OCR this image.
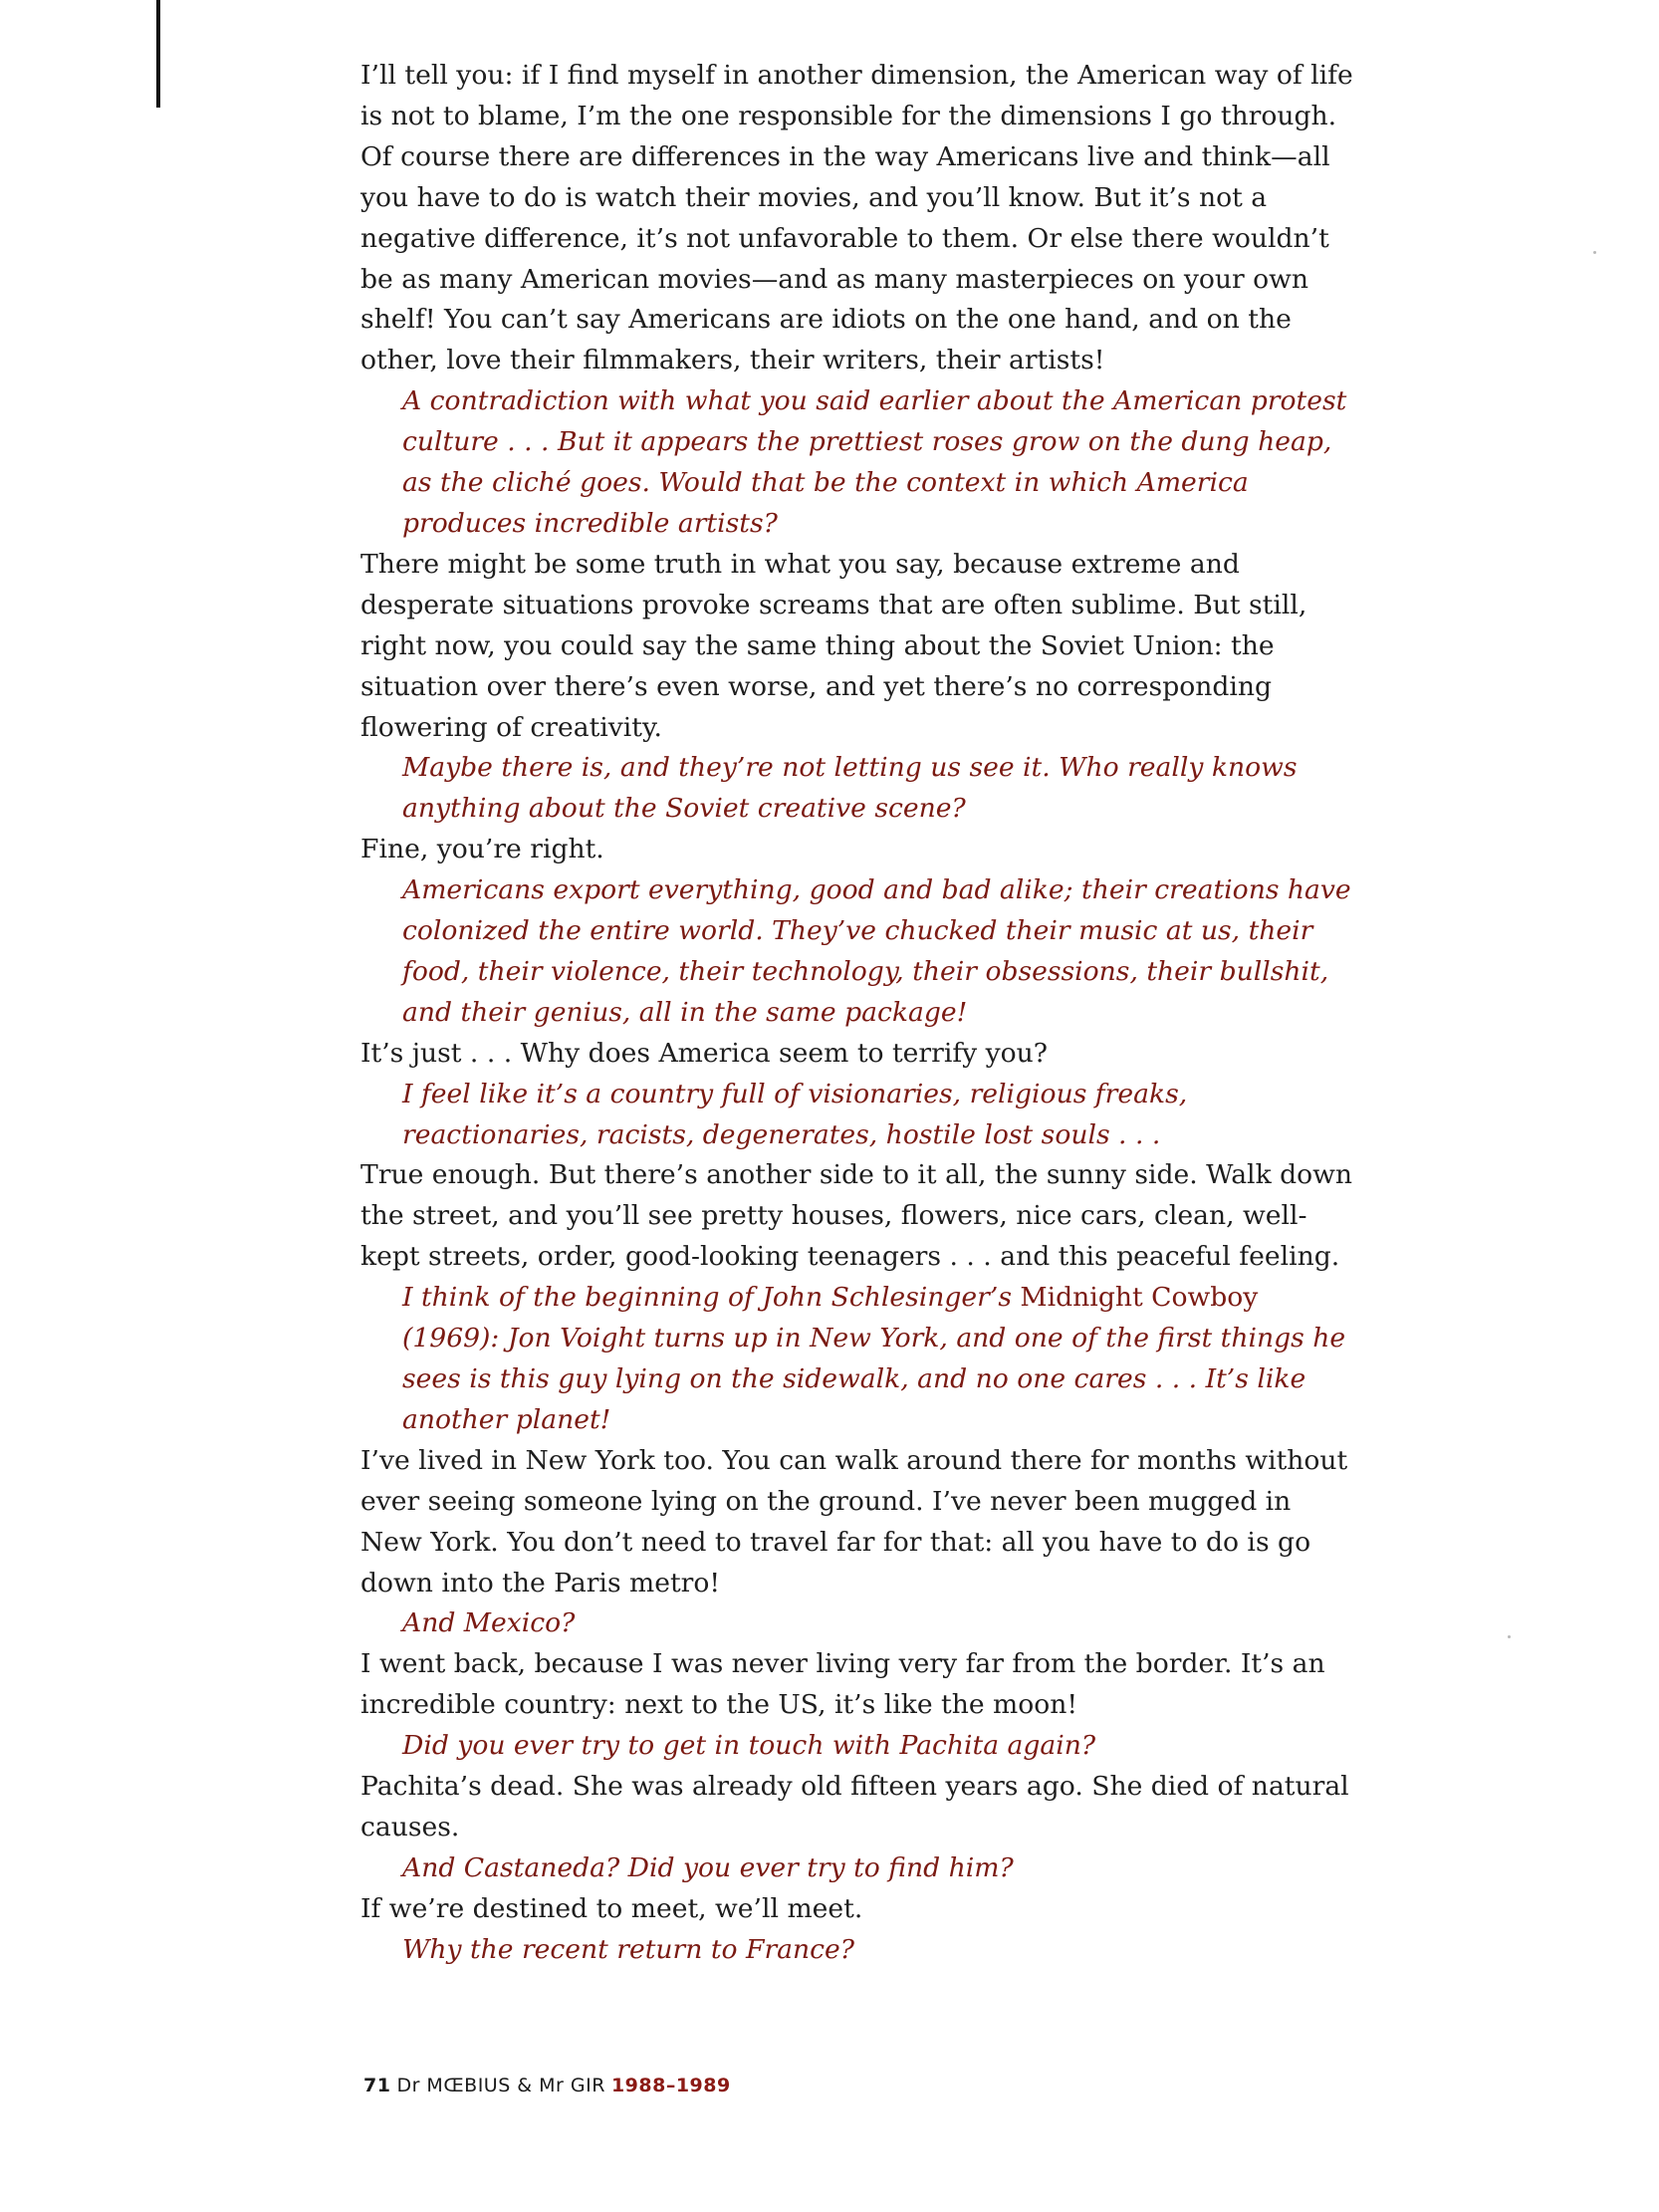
I’ll tell you: if I find myself in another dimension, the American way of life is not to blame, I’m the one responsible for the dimensions I go through. Of course there are differences in the way Americans live and think—all you have to do is watch their movies, and you’ll know. But it’s not a negative difference, it’s not unfavorable to them. Or else there wouldn’t be as many American movies—and as many masterpieces on your own shelf! You can’t say Americans are idiots on the one hand, and on the other, love their filmmakers, their writers, their artists!

A contradiction with what you said earlier about the American protest culture . . . But it appears the prettiest roses grow on the dung heap, as the cliché goes. Would that be the context in which America produces incredible artists?

There might be some truth in what you say, because extreme and desperate situations provoke screams that are often sublime. But still, right now, you could say the same thing about the Soviet Union: the situation over there’s even worse, and yet there’s no corresponding flowering of creativity.

Maybe there is, and they’re not letting us see it. Who really knows anything about the Soviet creative scene?

Fine, you’re right.

Americans export everything, good and bad alike; their creations have colonized the entire world. They’ve chucked their music at us, their food, their violence, their technology, their obsessions, their bullshit, and their genius, all in the same package!

It’s just . . . Why does America seem to terrify you?

I feel like it’s a country full of visionaries, religious freaks, reactionaries, racists, degenerates, hostile lost souls . . .

True enough. But there’s another side to it all, the sunny side. Walk down the street, and you’ll see pretty houses, flowers, nice cars, clean, well-kept streets, order, good-looking teenagers . . . and this peaceful feeling.

I think of the beginning of John Schlesinger’s Midnight Cowboy (1969): Jon Voight turns up in New York, and one of the first things he sees is this guy lying on the sidewalk, and no one cares . . . It’s like another planet!

I’ve lived in New York too. You can walk around there for months without ever seeing someone lying on the ground. I’ve never been mugged in New York. You don’t need to travel far for that: all you have to do is go down into the Paris metro!

And Mexico?

I went back, because I was never living very far from the border. It’s an incredible country: next to the US, it’s like the moon!

Did you ever try to get in touch with Pachita again?

Pachita’s dead. She was already old fifteen years ago. She died of natural causes.

And Castaneda? Did you ever try to find him?

If we’re destined to meet, we’ll meet.

Why the recent return to France?

71 Dr MŒBIUS & Mr GIR 1988–1989
